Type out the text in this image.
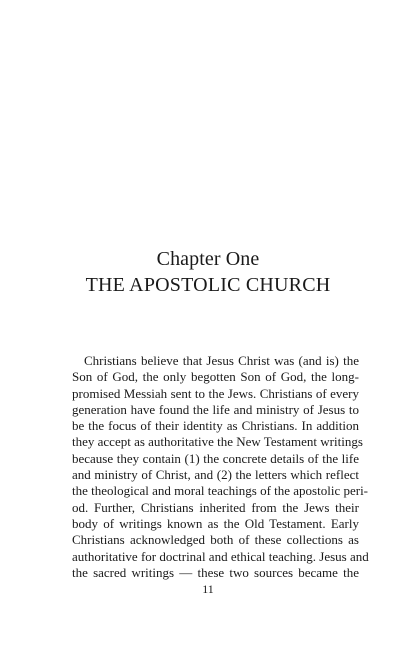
Chapter One
THE APOSTOLIC CHURCH
Christians believe that Jesus Christ was (and is) the
Son of God, the only begotten Son of God, the long-
promised Messiah sent to the Jews. Christians of every
generation have found the life and ministry of Jesus to
be the focus of their identity as Christians. In addition
they accept as authoritative the New Testament writings
because they contain (1) the concrete details of the life
and ministry of Christ, and (2) the letters which reflect
the theological and moral teachings of the apostolic peri-
od. Further, Christians inherited from the Jews their
body of writings known as the Old Testament. Early
Christians acknowledged both of these collections as
authoritative for doctrinal and ethical teaching. Jesus and
the sacred writings — these two sources became the
11
